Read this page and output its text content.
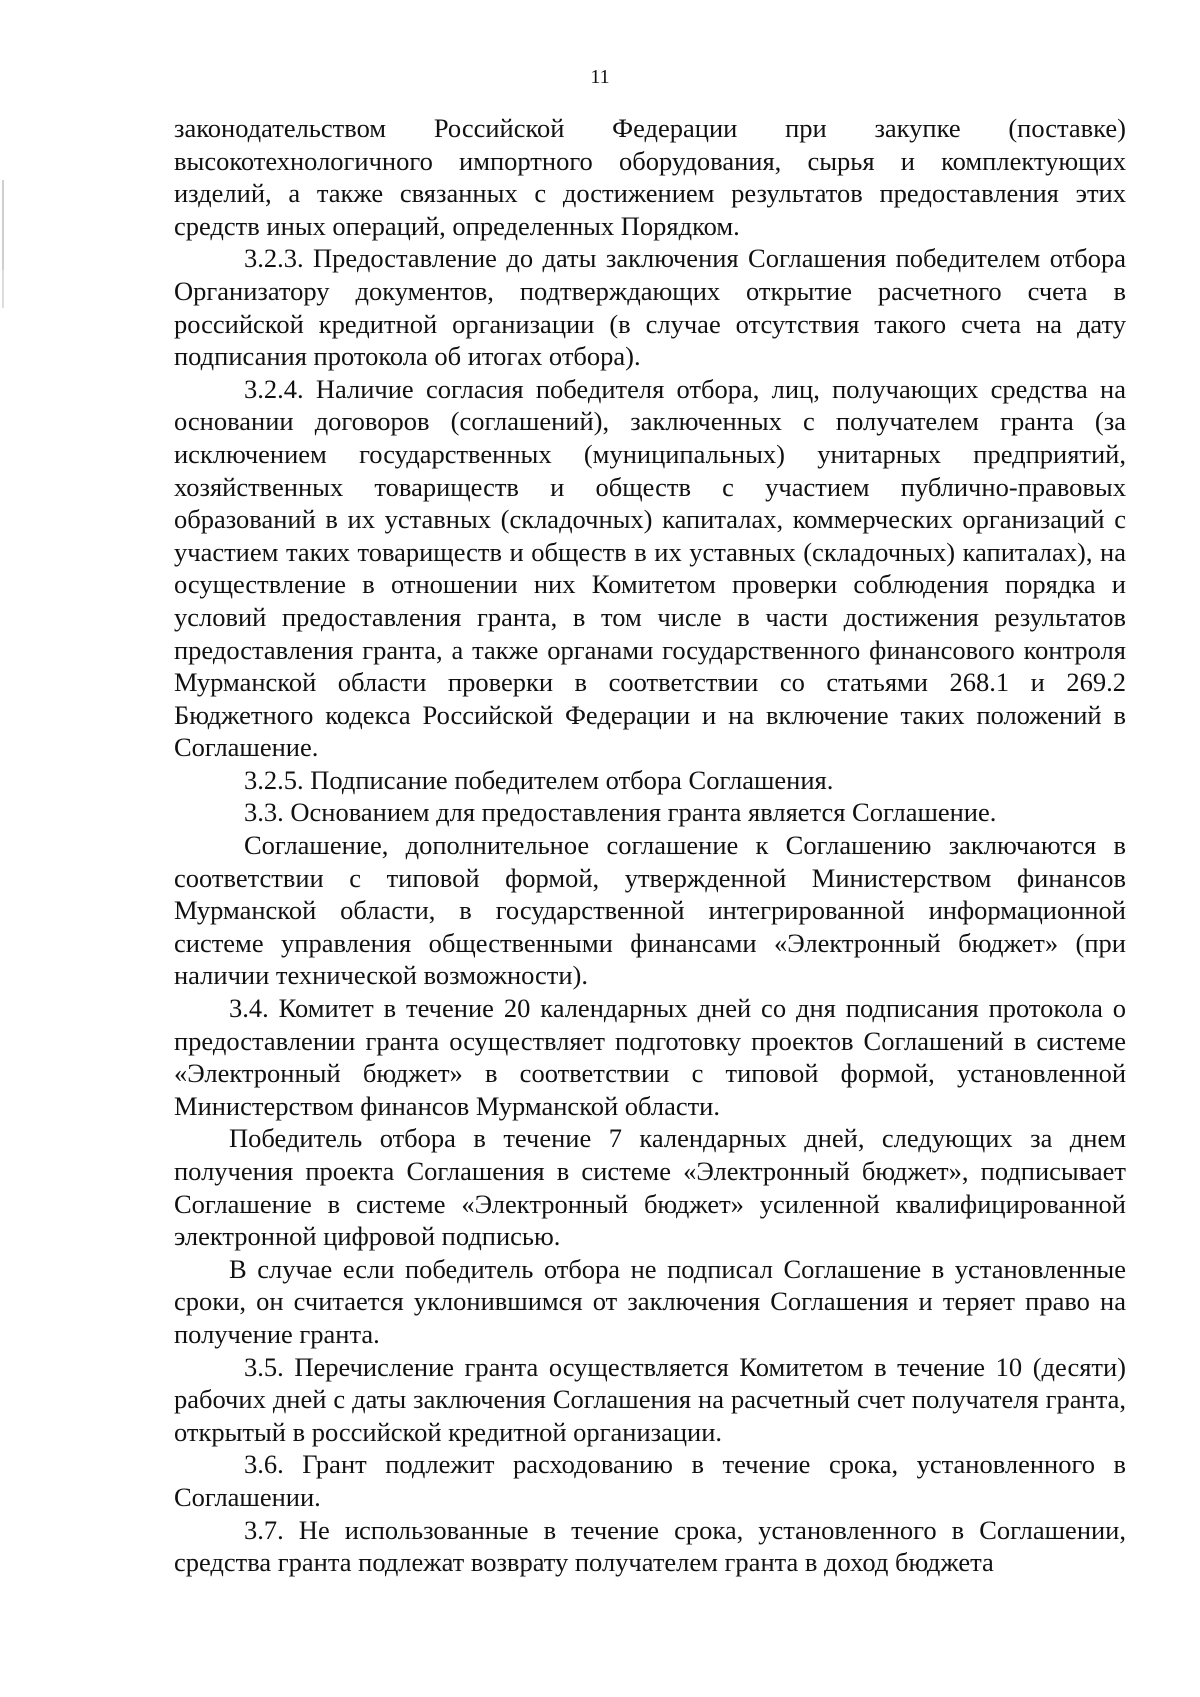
11

законодательством Российской Федерации при закупке (поставке) высокотехнологичного импортного оборудования, сырья и комплектующих изделий, а также связанных с достижением результатов предоставления этих средств иных операций, определенных Порядком.

3.2.3. Предоставление до даты заключения Соглашения победителем отбора Организатору документов, подтверждающих открытие расчетного счета в российской кредитной организации (в случае отсутствия такого счета на дату подписания протокола об итогах отбора).

3.2.4. Наличие согласия победителя отбора, лиц, получающих средства на основании договоров (соглашений), заключенных с получателем гранта (за исключением государственных (муниципальных) унитарных предприятий, хозяйственных товариществ и обществ с участием публично-правовых образований в их уставных (складочных) капиталах, коммерческих организаций с участием таких товариществ и обществ в их уставных (складочных) капиталах), на осуществление в отношении них Комитетом проверки соблюдения порядка и условий предоставления гранта, в том числе в части достижения результатов предоставления гранта, а также органами государственного финансового контроля Мурманской области проверки в соответствии со статьями 268.1 и 269.2 Бюджетного кодекса Российской Федерации и на включение таких положений в Соглашение.

3.2.5. Подписание победителем отбора Соглашения.

3.3. Основанием для предоставления гранта является Соглашение.

Соглашение, дополнительное соглашение к Соглашению заключаются в соответствии с типовой формой, утвержденной Министерством финансов Мурманской области, в государственной интегрированной информационной системе управления общественными финансами «Электронный бюджет» (при наличии технической возможности).

3.4. Комитет в течение 20 календарных дней со дня подписания протокола о предоставлении гранта осуществляет подготовку проектов Соглашений в системе «Электронный бюджет» в соответствии с типовой формой, установленной Министерством финансов Мурманской области.

Победитель отбора в течение 7 календарных дней, следующих за днем получения проекта Соглашения в системе «Электронный бюджет», подписывает Соглашение в системе «Электронный бюджет» усиленной квалифицированной электронной цифровой подписью.

В случае если победитель отбора не подписал Соглашение в установленные сроки, он считается уклонившимся от заключения Соглашения и теряет право на получение гранта.

3.5. Перечисление гранта осуществляется Комитетом в течение 10 (десяти) рабочих дней с даты заключения Соглашения на расчетный счет получателя гранта, открытый в российской кредитной организации.

3.6. Грант подлежит расходованию в течение срока, установленного в Соглашении.

3.7. Не использованные в течение срока, установленного в Соглашении, средства гранта подлежат возврату получателем гранта в доход бюджета
